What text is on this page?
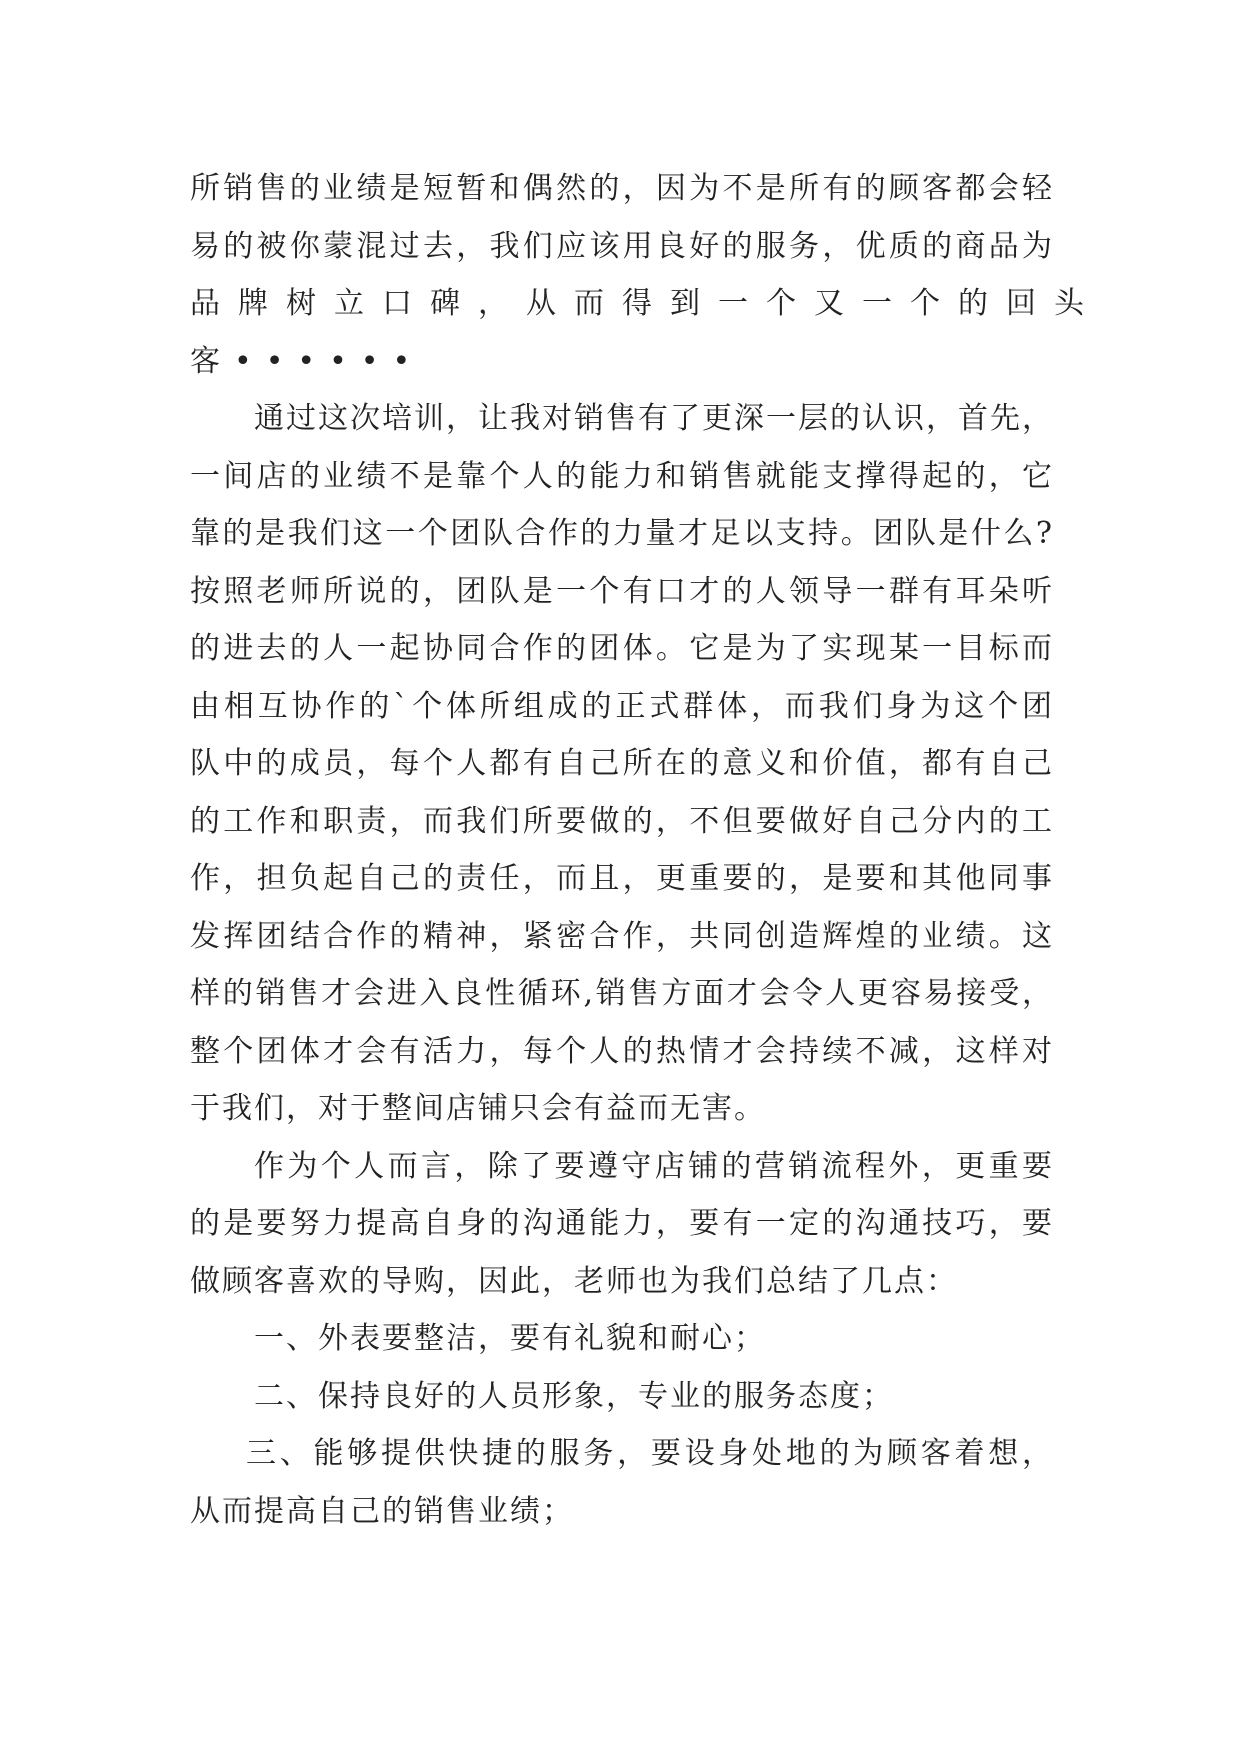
所销售的业绩是短暂和偶然的，因为不是所有的顾客都会轻
易的被你蒙混过去，我们应该用良好的服务，优质的商品为
品牌树立口碑，从而得到一个又一个的回头
客••••••
通过这次培训，让我对销售有了更深一层的认识，首先，
一间店的业绩不是靠个人的能力和销售就能支撑得起的，它
靠的是我们这一个团队合作的力量才足以支持。团队是什么?
按照老师所说的，团队是一个有口才的人领导一群有耳朵听
的进去的人一起协同合作的团体。它是为了实现某一目标而
由相互协作的`个体所组成的正式群体，而我们身为这个团
队中的成员，每个人都有自己所在的意义和价值，都有自己
的工作和职责，而我们所要做的，不但要做好自己分内的工
作，担负起自己的责任，而且，更重要的，是要和其他同事
发挥团结合作的精神，紧密合作，共同创造辉煌的业绩。这
样的销售才会进入良性循环,销售方面才会令人更容易接受，
整个团体才会有活力，每个人的热情才会持续不减，这样对
于我们，对于整间店铺只会有益而无害。
作为个人而言，除了要遵守店铺的营销流程外，更重要
的是要努力提高自身的沟通能力，要有一定的沟通技巧，要
做顾客喜欢的导购，因此，老师也为我们总结了几点：
一、外表要整洁，要有礼貌和耐心；
二、保持良好的人员形象，专业的服务态度；
三、能够提供快捷的服务，要设身处地的为顾客着想，
从而提高自己的销售业绩；
